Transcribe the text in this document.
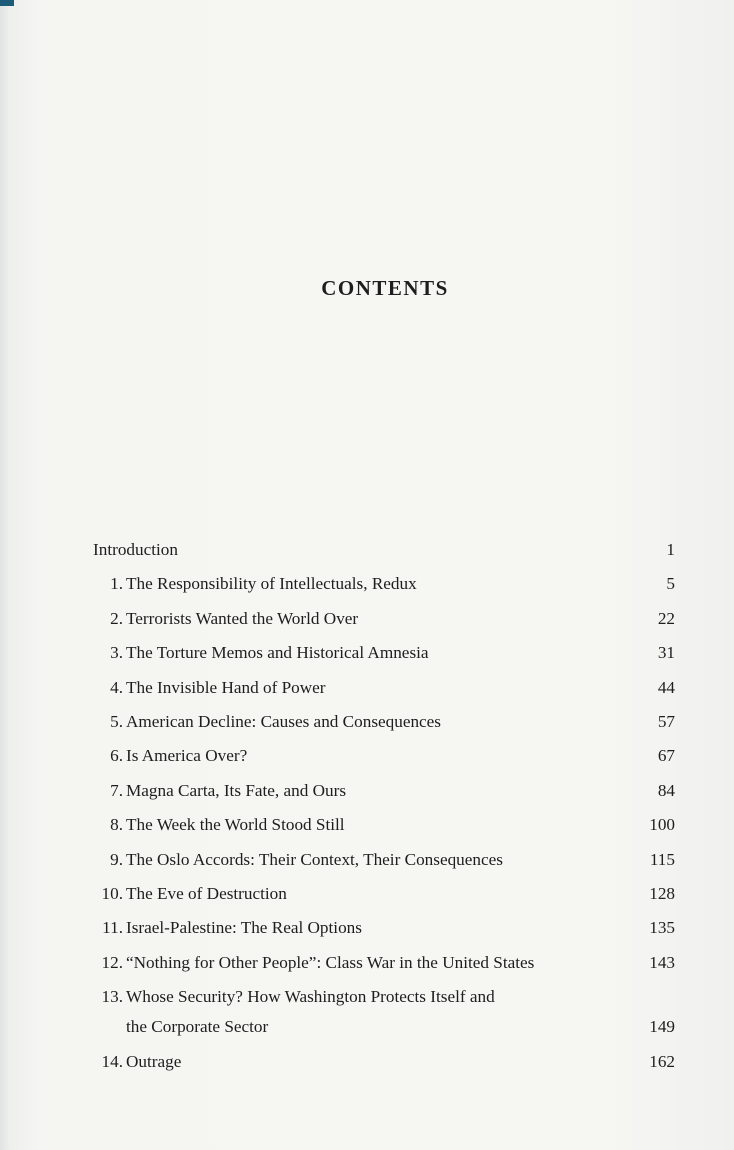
CONTENTS
Introduction	1
1. The Responsibility of Intellectuals, Redux	5
2. Terrorists Wanted the World Over	22
3. The Torture Memos and Historical Amnesia	31
4. The Invisible Hand of Power	44
5. American Decline: Causes and Consequences	57
6. Is America Over?	67
7. Magna Carta, Its Fate, and Ours	84
8. The Week the World Stood Still	100
9. The Oslo Accords: Their Context, Their Consequences	115
10. The Eve of Destruction	128
11. Israel-Palestine: The Real Options	135
12. “Nothing for Other People”: Class War in the United States	143
13. Whose Security? How Washington Protects Itself and
the Corporate Sector	149
14. Outrage	162
